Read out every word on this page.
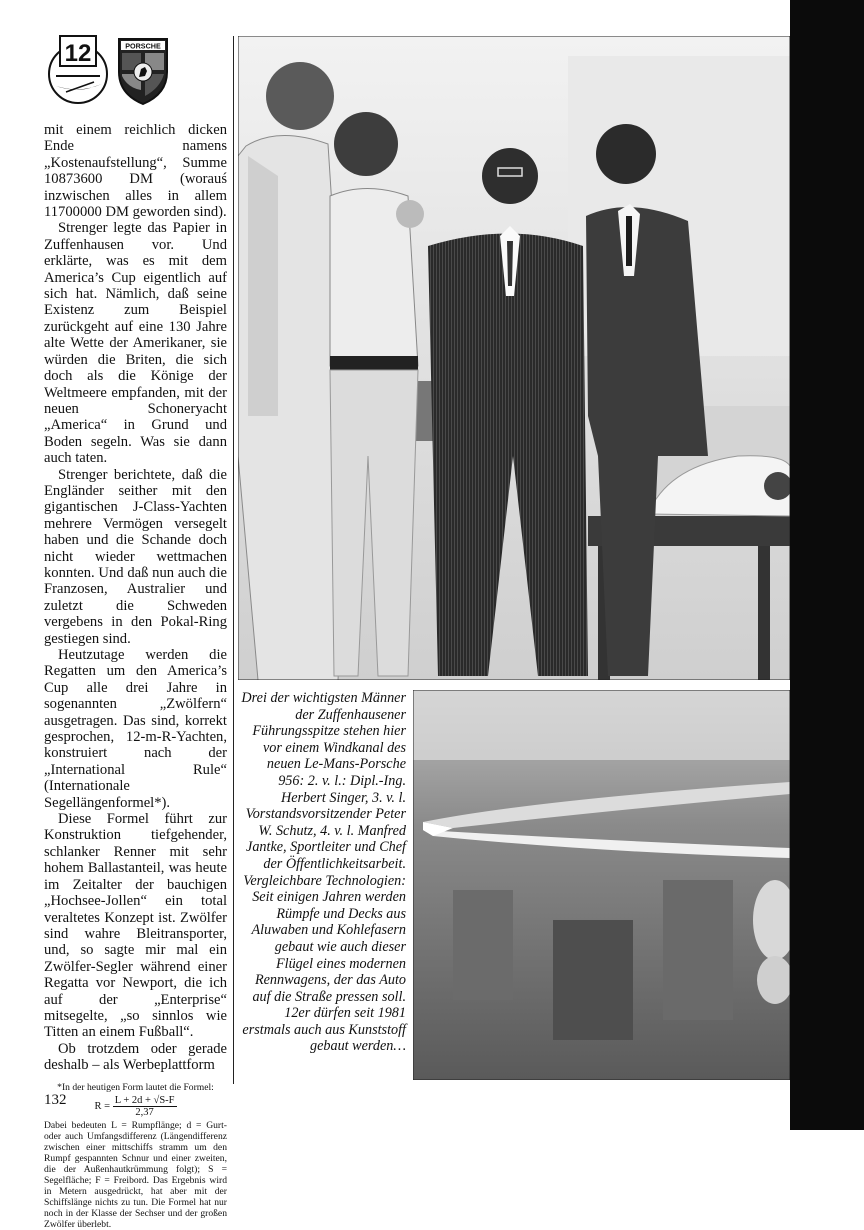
12	PORSCHE

mit einem reichlich dicken Ende namens „Kostenaufstellung“, Summe 10873600 DM (worauś inzwischen alles in allem 11700000 DM geworden sind).

Strenger legte das Papier in Zuffenhausen vor. Und erklärte, was es mit dem America’s Cup eigentlich auf sich hat. Nämlich, daß seine Existenz zum Beispiel zurückgeht auf eine 130 Jahre alte Wette der Amerikaner, sie würden die Briten, die sich doch als die Könige der Weltmeere empfanden, mit der neuen Schoneryacht „America“ in Grund und Boden segeln. Was sie dann auch taten.

Strenger berichtete, daß die Engländer seither mit den gigantischen J-Class-Yachten mehrere Vermögen versegelt haben und die Schande doch nicht wieder wettmachen konnten. Und daß nun auch die Franzosen, Australier und zuletzt die Schweden vergebens in den Pokal-Ring gestiegen sind.

Heutzutage werden die Regatten um den America’s Cup alle drei Jahre in sogenannten „Zwölfern“ ausgetragen. Das sind, korrekt gesprochen, 12-m-R-Yachten, konstruiert nach der „International Rule“ (Internationale Segellängenformel*).

Diese Formel führt zur Konstruktion tiefgehender, schlanker Renner mit sehr hohem Ballastanteil, was heute im Zeitalter der bauchigen „Hochsee-Jollen“ ein total veraltetes Konzept ist. Zwölfer sind wahre Bleitransporter, und, so sagte mir mal ein Zwölfer-Segler während einer Regatta vor Newport, die ich auf der „Enterprise“ mitsegelte, „so sinnlos wie Titten an einem Fußball“.

Ob trotzdem oder gerade deshalb – als Werbeplattform

*In der heutigen Form lautet die Formel:
$R = \frac{L + 2d + √S-F}{2,37}$
Dabei bedeuten L = Rumpflänge; d = Gurt- oder auch Umfangsdifferenz (Längendifferenz zwischen einer mittschiffs stramm um den Rumpf gespannten Schnur und einer zweiten, die der Außenhautkrümmung folgt); S = Segelfläche; F = Freibord. Das Ergebnis wird in Metern ausgedrückt, hat aber mit der Schiffslänge nichts zu tun. Die Formel hat nur noch in der Klasse der Sechser und der großen Zwölfer überlebt.
Drei der wichtigsten Männer der Zuffenhausener Führungsspitze stehen hier vor einem Windkanal des neuen Le-Mans-Porsche 956: 2. v. l.: Dipl.-Ing. Herbert Singer, 3. v. l. Vorstandsvorsitzender Peter W. Schutz, 4. v. l. Manfred Jantke, Sportleiter und Chef der Öffentlichkeitsarbeit. Vergleichbare Technologien: Seit einigen Jahren werden Rümpfe und Decks aus Aluwaben und Kohlefasern gebaut wie auch dieser Flügel eines modernen Rennwagens, der das Auto auf die Straße pressen soll. 12er dürfen seit 1981 erstmals auch aus Kunststoff gebaut werden…
132
